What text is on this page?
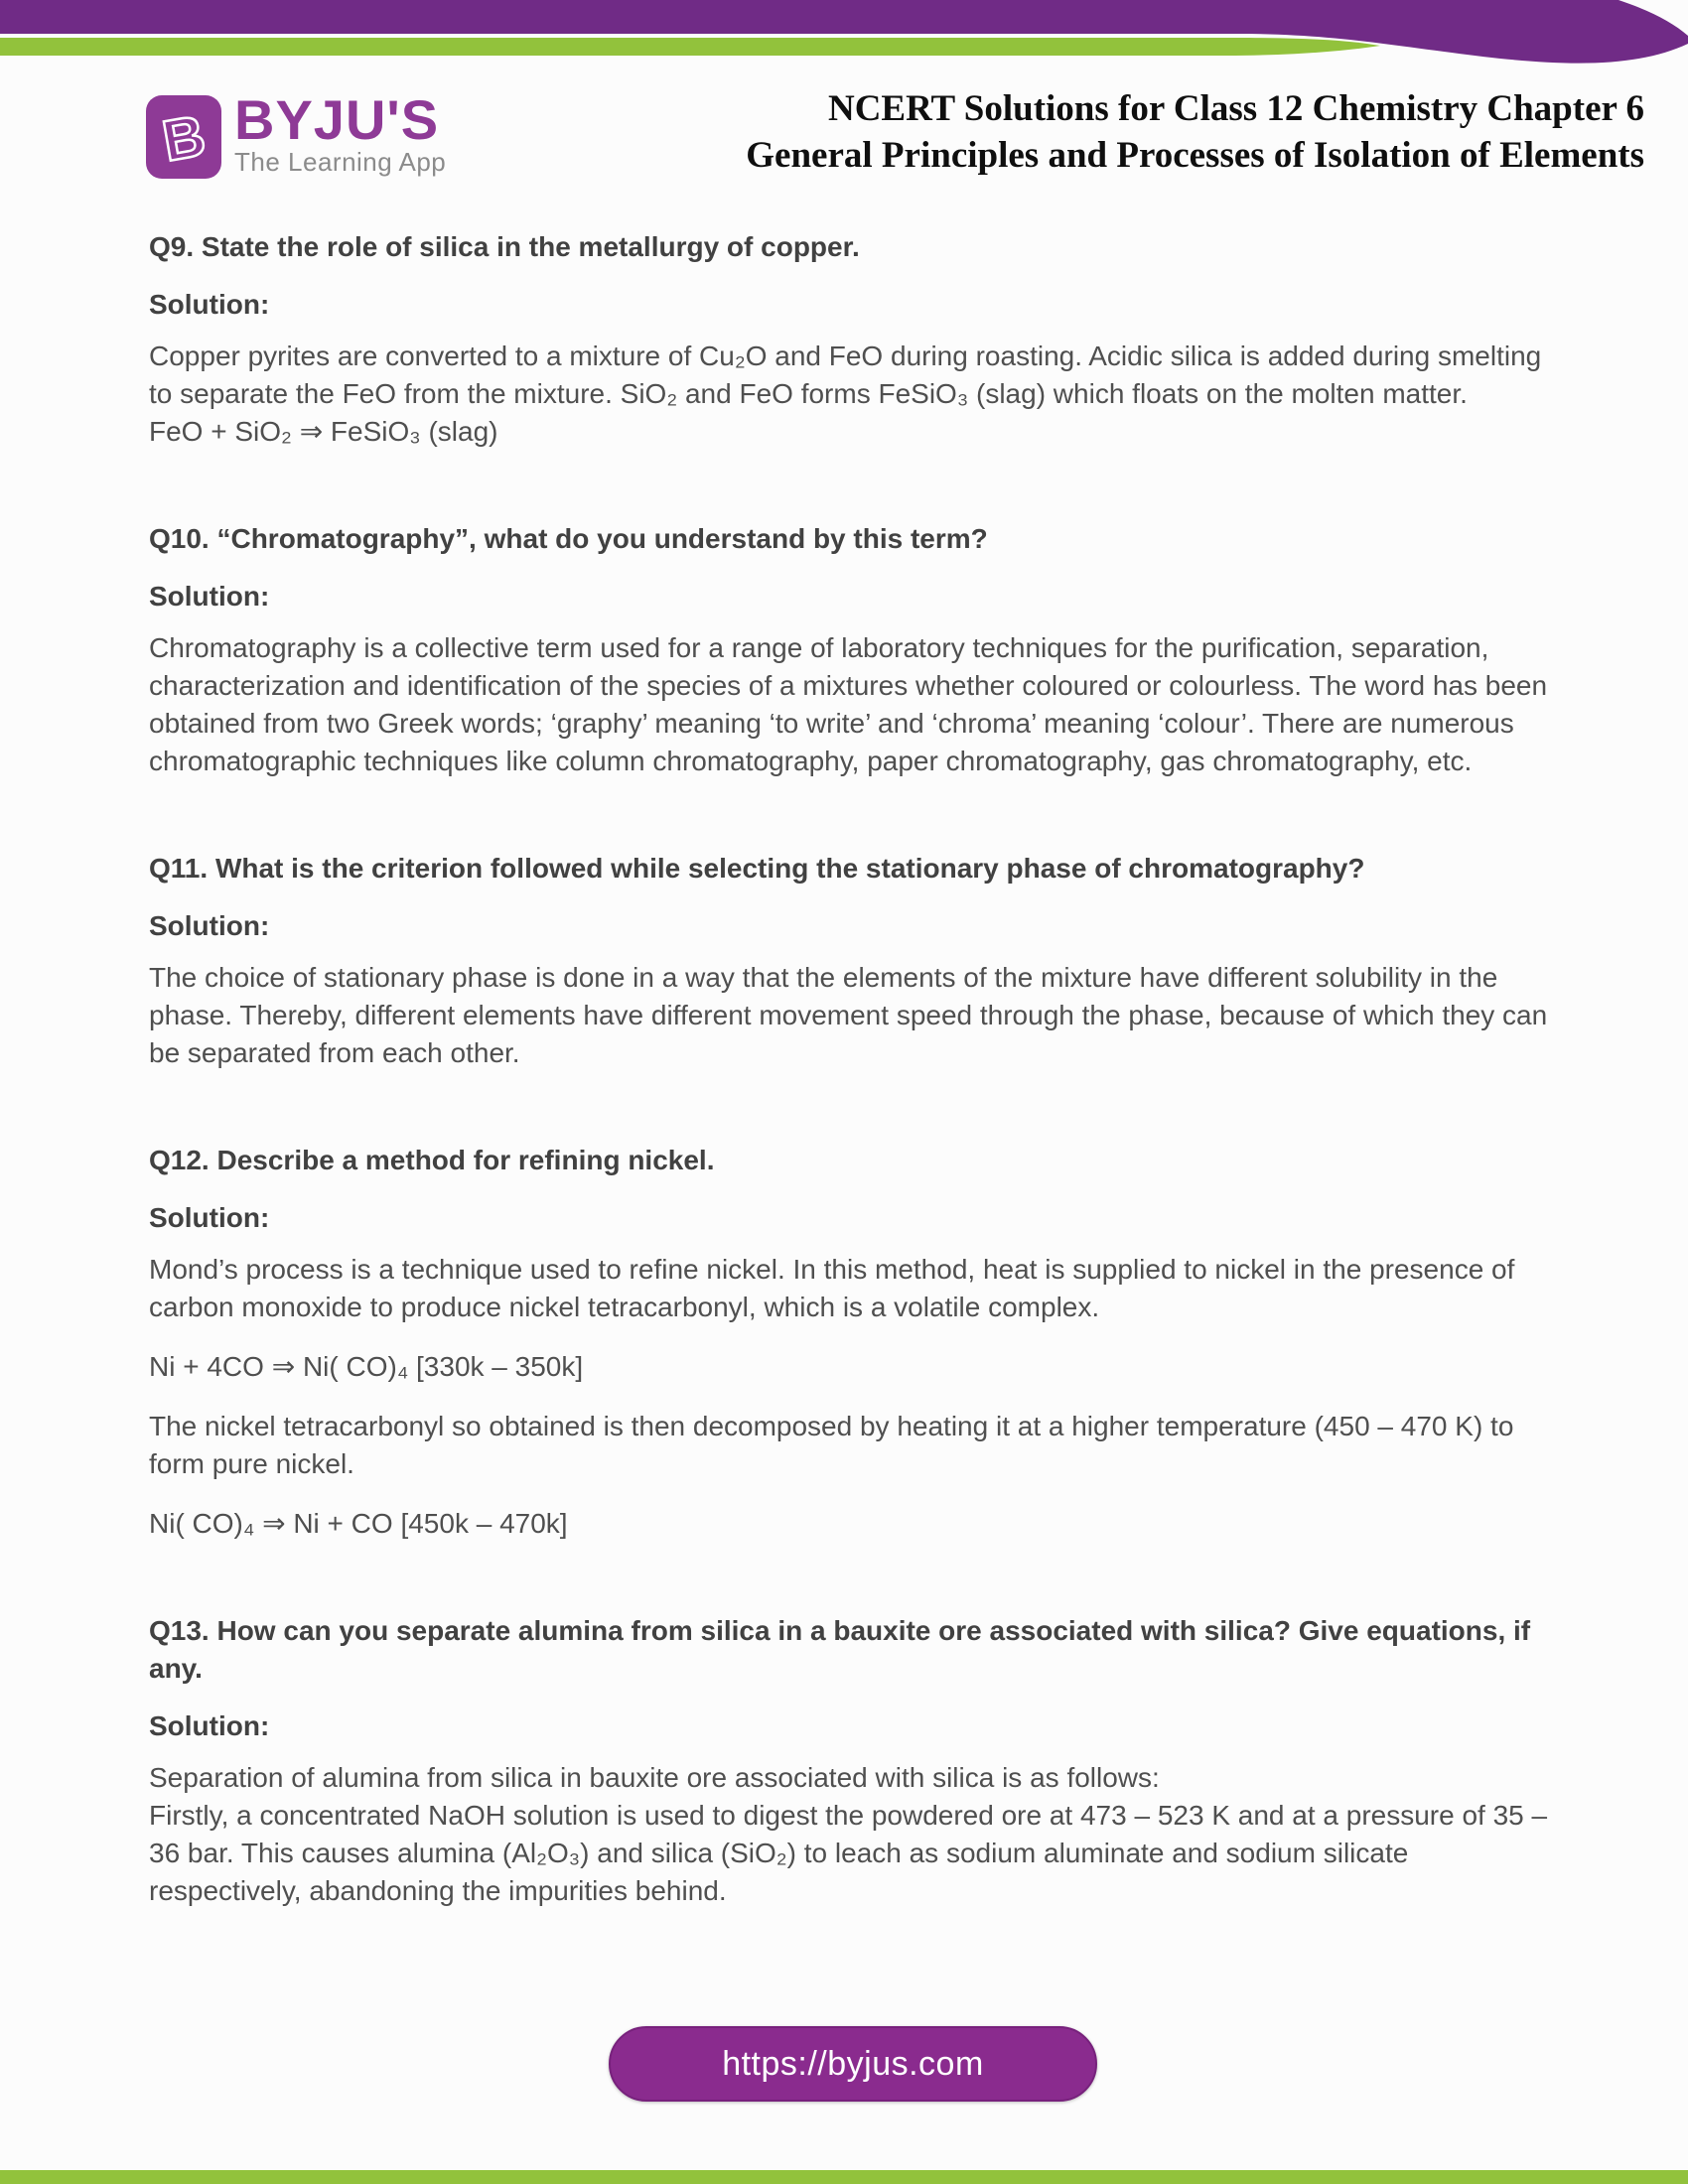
B BYJU'S
The Learning App
NCERT Solutions for Class 12 Chemistry Chapter 6
General Principles and Processes of Isolation of Elements
Q9. State the role of silica in the metallurgy of copper.
Solution:

Copper pyrites are converted to a mixture of Cu₂O and FeO during roasting. Acidic silica is added during smelting to separate the FeO from the mixture. SiO₂ and FeO forms FeSiO₃ (slag) which floats on the molten matter.

FeO + SiO₂ ⇒ FeSiO₃ (slag)

Q10. “Chromatography”, what do you understand by this term?
Solution:

Chromatography is a collective term used for a range of laboratory techniques for the purification, separation, characterization and identification of the species of a mixtures whether coloured or colourless. The word has been obtained from two Greek words; ‘graphy’ meaning ‘to write’ and ‘chroma’ meaning ‘colour’. There are numerous chromatographic techniques like column chromatography, paper chromatography, gas chromatography, etc.

Q11. What is the criterion followed while selecting the stationary phase of chromatography?
Solution:

The choice of stationary phase is done in a way that the elements of the mixture have different solubility in the phase. Thereby, different elements have different movement speed through the phase, because of which they can be separated from each other.

Q12. Describe a method for refining nickel.
Solution:

Mond’s process is a technique used to refine nickel. In this method, heat is supplied to nickel in the presence of carbon monoxide to produce nickel tetracarbonyl, which is a volatile complex.

Ni + 4CO ⇒ Ni( CO)₄ [330k – 350k]

The nickel tetracarbonyl so obtained is then decomposed by heating it at a higher temperature (450 – 470 K) to form pure nickel.

Ni( CO)₄ ⇒ Ni + CO [450k – 470k]

Q13. How can you separate alumina from silica in a bauxite ore associated with silica? Give equations, if any.
Solution:

Separation of alumina from silica in bauxite ore associated with silica is as follows:

Firstly, a concentrated NaOH solution is used to digest the powdered ore at 473 – 523 K and at a pressure of 35 – 36 bar. This causes alumina (Al₂O₃) and silica (SiO₂) to leach as sodium aluminate and sodium silicate respectively, abandoning the impurities behind.

https://byjus.com
